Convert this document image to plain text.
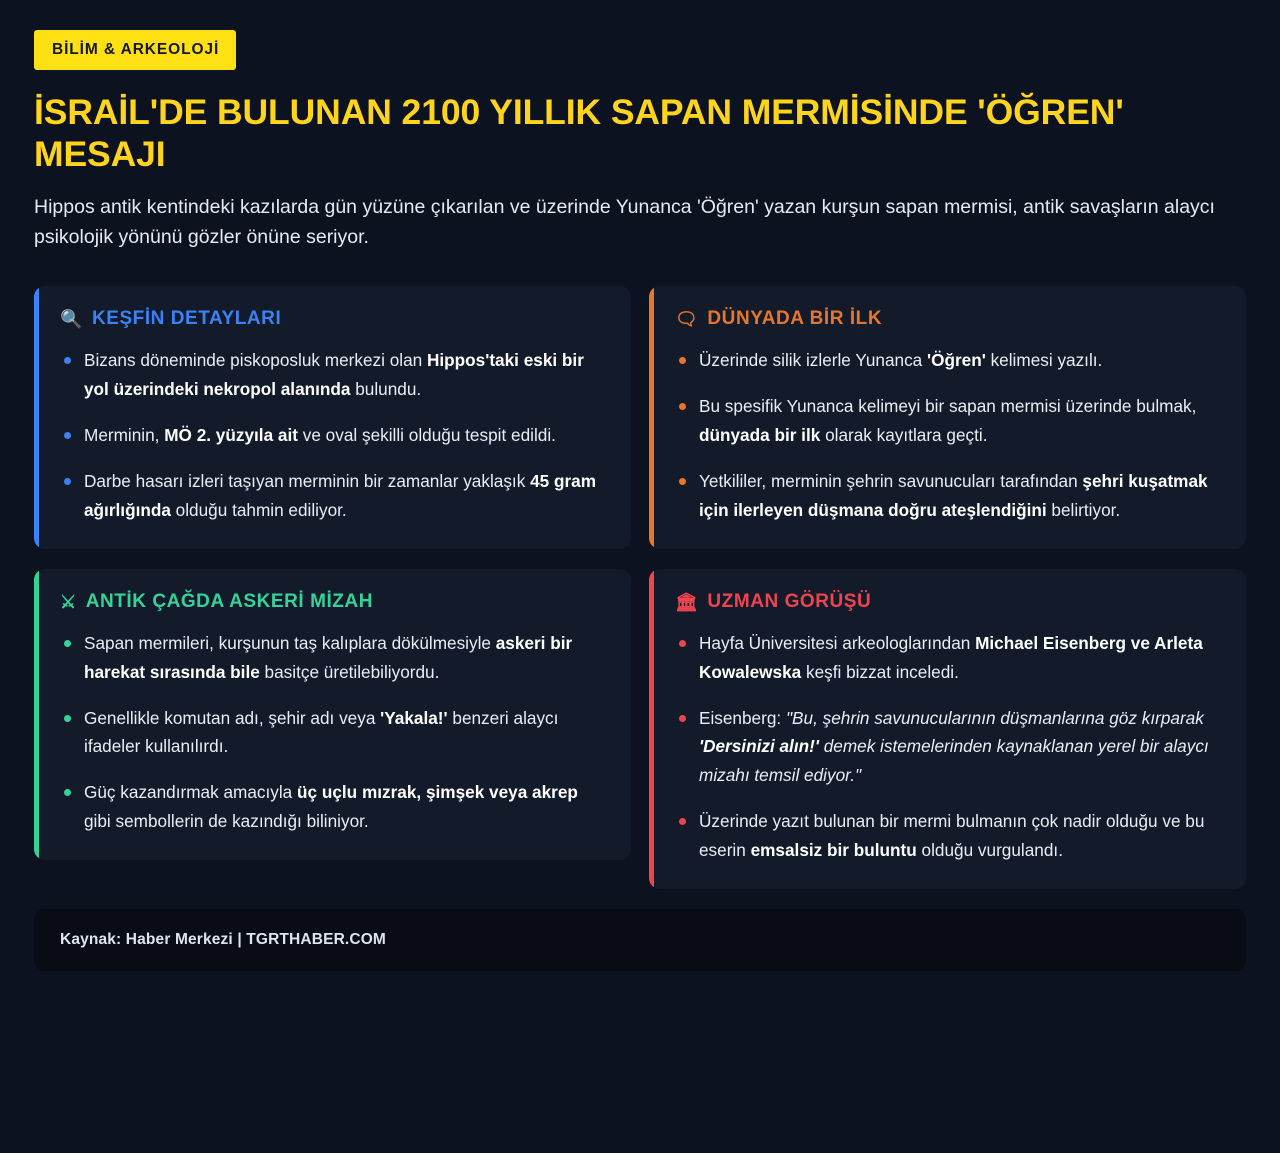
BİLİM & ARKEOLOJİ
İSRAİL'DE BULUNAN 2100 YILLIK SAPAN MERMİSİNDE 'ÖĞREN' MESAJI

Hippos antik kentindeki kazılarda gün yüzüne çıkarılan ve üzerinde Yunanca 'Öğren' yazan kurşun sapan mermisi, antik savaşların alaycı psikolojik yönünü gözler önüne seriyor.

🔍 KEŞFİN DETAYLARI
Bizans döneminde piskoposluk merkezi olan Hippos'taki eski bir yol üzerindeki nekropol alanında bulundu.
Merminin, MÖ 2. yüzyıla ait ve oval şekilli olduğu tespit edildi.
Darbe hasarı izleri taşıyan merminin bir zamanlar yaklaşık 45 gram ağırlığında olduğu tahmin ediliyor.
🗨 DÜNYADA BİR İLK
Üzerinde silik izlerle Yunanca 'Öğren' kelimesi yazılı.
Bu spesifik Yunanca kelimeyi bir sapan mermisi üzerinde bulmak, dünyada bir ilk olarak kayıtlara geçti.
Yetkililer, merminin şehrin savunucuları tarafından şehri kuşatmak için ilerleyen düşmana doğru ateşlendiğini belirtiyor.
⚔ ANTİK ÇAĞDA ASKERİ MİZAH
Sapan mermileri, kurşunun taş kalıplara dökülmesiyle askeri bir harekat sırasında bile basitçe üretilebiliyordu.
Genellikle komutan adı, şehir adı veya 'Yakala!' benzeri alaycı ifadeler kullanılırdı.
Güç kazandırmak amacıyla üç uçlu mızrak, şimşek veya akrep gibi sembollerin de kazındığı biliniyor.
🏛 UZMAN GÖRÜŞÜ
Hayfa Üniversitesi arkeologlarından Michael Eisenberg ve Arleta Kowalewska keşfi bizzat inceledi.
Eisenberg: "Bu, şehrin savunucularının düşmanlarına göz kırparak 'Dersinizi alın!' demek istemelerinden kaynaklanan yerel bir alaycı mizahı temsil ediyor."
Üzerinde yazıt bulunan bir mermi bulmanın çok nadir olduğu ve bu eserin emsalsiz bir buluntu olduğu vurgulandı.
Kaynak: Haber Merkezi | TGRTHABER.COM
